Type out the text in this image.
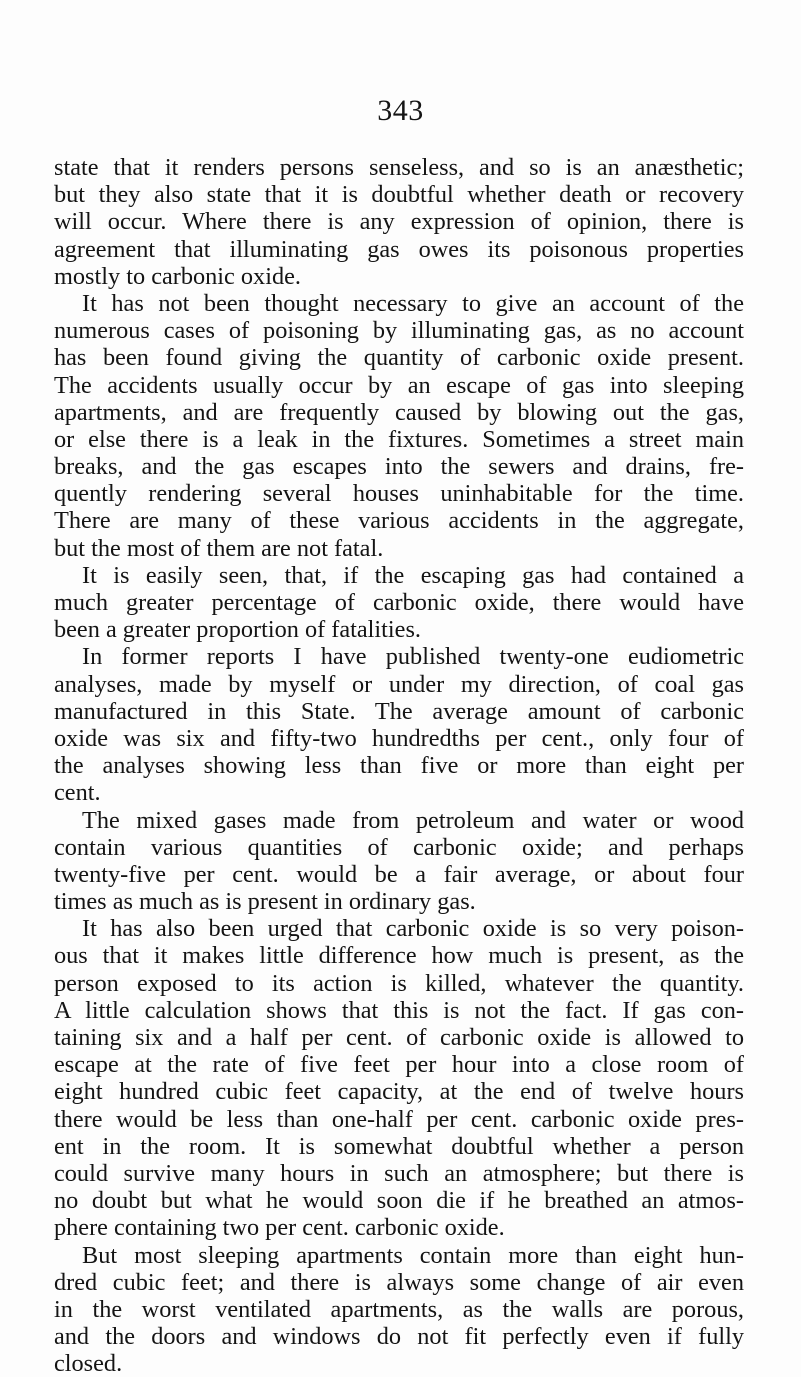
343
state that it renders persons senseless, and so is an anæsthetic;
but they also state that it is doubtful whether death or recovery
will occur. Where there is any expression of opinion, there is
agreement that illuminating gas owes its poisonous properties
mostly to carbonic oxide.
It has not been thought necessary to give an account of the
numerous cases of poisoning by illuminating gas, as no account
has been found giving the quantity of carbonic oxide present.
The accidents usually occur by an escape of gas into sleeping
apartments, and are frequently caused by blowing out the gas,
or else there is a leak in the fixtures. Sometimes a street main
breaks, and the gas escapes into the sewers and drains, fre-
quently rendering several houses uninhabitable for the time.
There are many of these various accidents in the aggregate,
but the most of them are not fatal.
It is easily seen, that, if the escaping gas had contained a
much greater percentage of carbonic oxide, there would have
been a greater proportion of fatalities.
In former reports I have published twenty-one eudiometric
analyses, made by myself or under my direction, of coal gas
manufactured in this State. The average amount of carbonic
oxide was six and fifty-two hundredths per cent., only four of
the analyses showing less than five or more than eight per
cent.
The mixed gases made from petroleum and water or wood
contain various quantities of carbonic oxide; and perhaps
twenty-five per cent. would be a fair average, or about four
times as much as is present in ordinary gas.
It has also been urged that carbonic oxide is so very poison-
ous that it makes little difference how much is present, as the
person exposed to its action is killed, whatever the quantity.
A little calculation shows that this is not the fact. If gas con-
taining six and a half per cent. of carbonic oxide is allowed to
escape at the rate of five feet per hour into a close room of
eight hundred cubic feet capacity, at the end of twelve hours
there would be less than one-half per cent. carbonic oxide pres-
ent in the room. It is somewhat doubtful whether a person
could survive many hours in such an atmosphere; but there is
no doubt but what he would soon die if he breathed an atmos-
phere containing two per cent. carbonic oxide.
But most sleeping apartments contain more than eight hun-
dred cubic feet; and there is always some change of air even
in the worst ventilated apartments, as the walls are porous,
and the doors and windows do not fit perfectly even if fully
closed.
